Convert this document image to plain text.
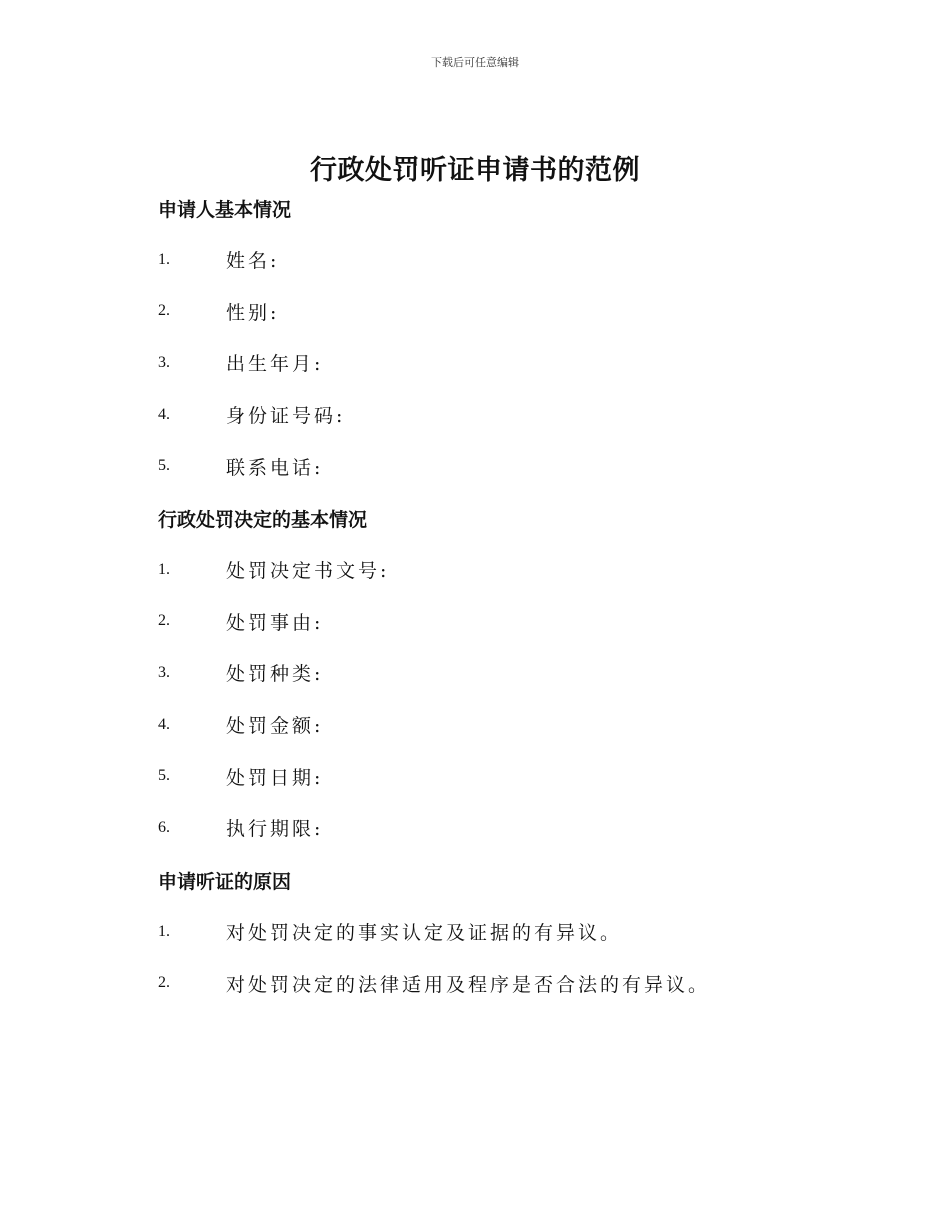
下载后可任意编辑
行政处罚听证申请书的范例
申请人基本情况
1.	姓名:
2.	性别:
3.	出生年月:
4.	身份证号码:
5.	联系电话:
行政处罚决定的基本情况
1.	处罚决定书文号:
2.	处罚事由:
3.	处罚种类:
4.	处罚金额:
5.	处罚日期:
6.	执行期限:
申请听证的原因
1.	对处罚决定的事实认定及证据的有异议。
2.	对处罚决定的法律适用及程序是否合法的有异议。
